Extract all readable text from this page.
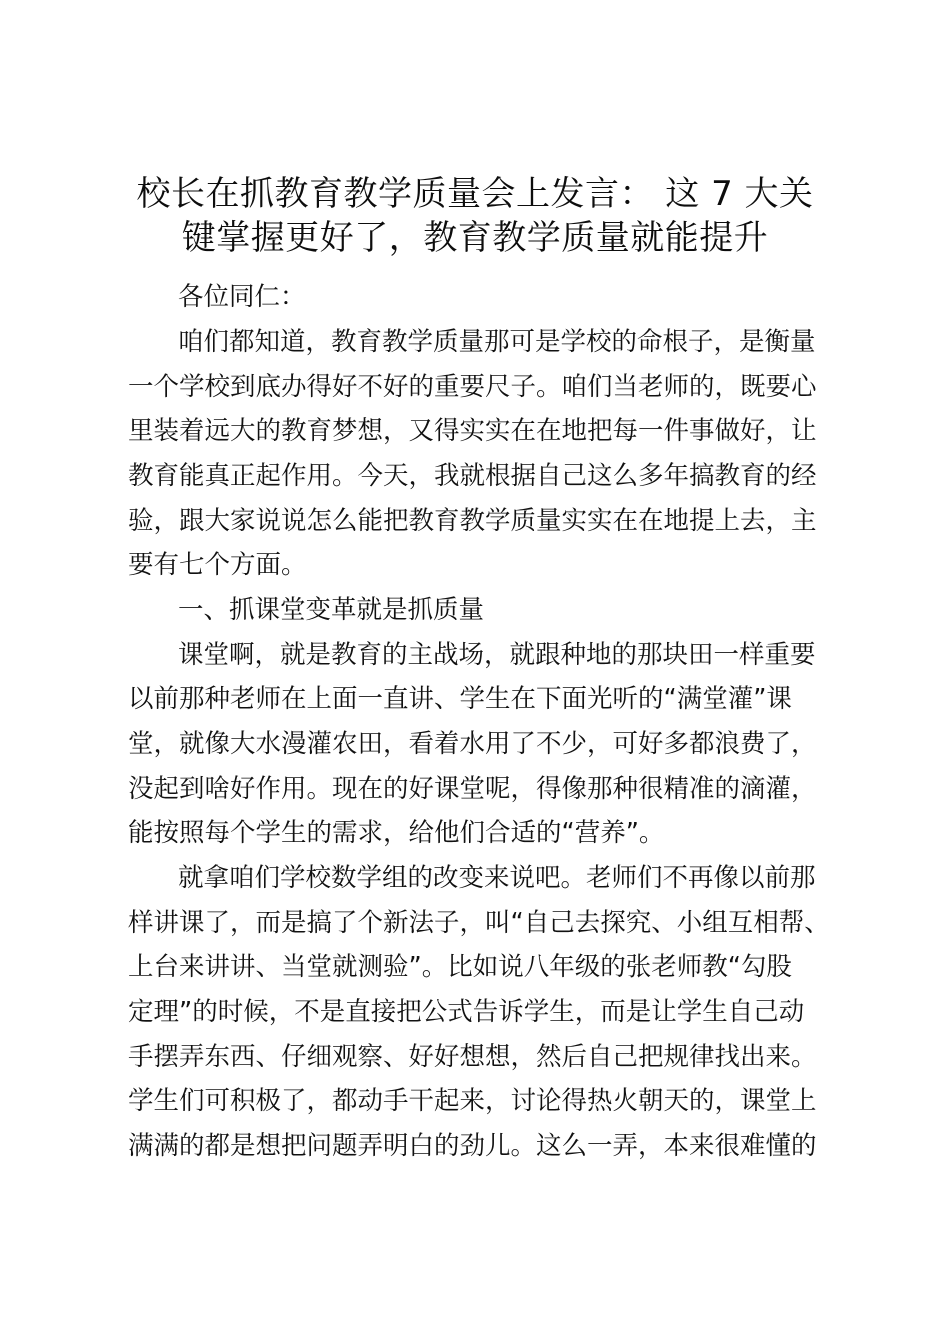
校长在抓教育教学质量会上发言： 这 7 大关
键掌握更好了，教育教学质量就能提升
各位同仁：
咱们都知道，教育教学质量那可是学校的命根子，是衡量
一个学校到底办得好不好的重要尺子。咱们当老师的，既要心
里装着远大的教育梦想，又得实实在在地把每一件事做好，让
教育能真正起作用。今天，我就根据自己这么多年搞教育的经
验，跟大家说说怎么能把教育教学质量实实在在地提上去，主
要有七个方面。
一、抓课堂变革就是抓质量
课堂啊，就是教育的主战场，就跟种地的那块田一样重要
以前那种老师在上面一直讲、学生在下面光听的“满堂灌”课
堂，就像大水漫灌农田，看着水用了不少，可好多都浪费了，
没起到啥好作用。现在的好课堂呢，得像那种很精准的滴灌，
能按照每个学生的需求，给他们合适的“营养”。
就拿咱们学校数学组的改变来说吧。老师们不再像以前那
样讲课了，而是搞了个新法子，叫“自己去探究、小组互相帮、
上台来讲讲、当堂就测验”。比如说八年级的张老师教“勾股
定理”的时候，不是直接把公式告诉学生，而是让学生自己动
手摆弄东西、仔细观察、好好想想，然后自己把规律找出来。
学生们可积极了，都动手干起来，讨论得热火朝天的，课堂上
满满的都是想把问题弄明白的劲儿。这么一弄，本来很难懂的
